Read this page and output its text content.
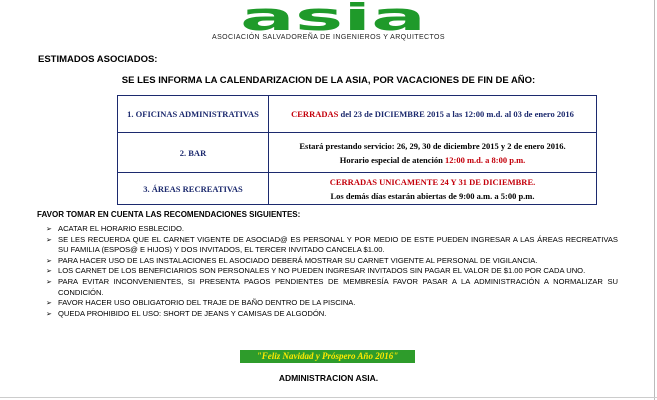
asia
ASOCIACIÓN SALVADOREÑA DE INGENIEROS Y ARQUITECTOS
ESTIMADOS ASOCIADOS:
SE LES INFORMA LA CALENDARIZACION DE LA ASIA, POR VACACIONES DE FIN DE AÑO:
1. OFICINAS ADMINISTRATIVAS	CERRADAS del 23 de DICIEMBRE 2015 a las 12:00 m.d. al 03 de enero 2016
2. BAR	Estará prestando servicio: 26, 29, 30 de diciembre 2015 y 2 de enero 2016.
Horario especial de atención 12:00 m.d. a 8:00 p.m.

3. ÁREAS RECREATIVAS	CERRADAS UNICAMENTE 24 Y 31 DE DICIEMBRE.
Los demás días estarán abiertas de 9:00 a.m. a 5:00 p.m.
FAVOR TOMAR EN CUENTA LAS RECOMENDACIONES SIGUIENTES:
➢ ACATAR EL HORARIO ESBLECIDO.
➢ SE LES RECUERDA QUE EL CARNET VIGENTE DE ASOCIAD@ ES PERSONAL Y POR MEDIO DE ESTE PUEDEN INGRESAR A LAS ÁREAS RECREATIVAS SU FAMILIA (ESPOS@ E HIJOS) Y DOS INVITADOS, EL TERCER INVITADO CANCELA $1.00.
➢ PARA HACER USO DE LAS INSTALACIONES EL ASOCIADO DEBERÁ MOSTRAR SU CARNET VIGENTE AL PERSONAL DE VIGILANCIA.
➢ LOS CARNET DE LOS BENEFICIARIOS SON PERSONALES Y NO PUEDEN INGRESAR INVITADOS SIN PAGAR EL VALOR DE $1.00 POR CADA UNO.
➢ PARA EVITAR INCONVENIENTES, SI PRESENTA PAGOS PENDIENTES DE MEMBRESÍA FAVOR PASAR A LA ADMINISTRACIÓN A NORMALIZAR SU CONDICIÓN.
➢ FAVOR HACER USO OBLIGATORIO DEL TRAJE DE BAÑO DENTRO DE LA PISCINA.
➢ QUEDA PROHIBIDO EL USO: SHORT DE JEANS Y CAMISAS DE ALGODÓN.
"Feliz Navidad y Próspero Año 2016"
ADMINISTRACION ASIA.
